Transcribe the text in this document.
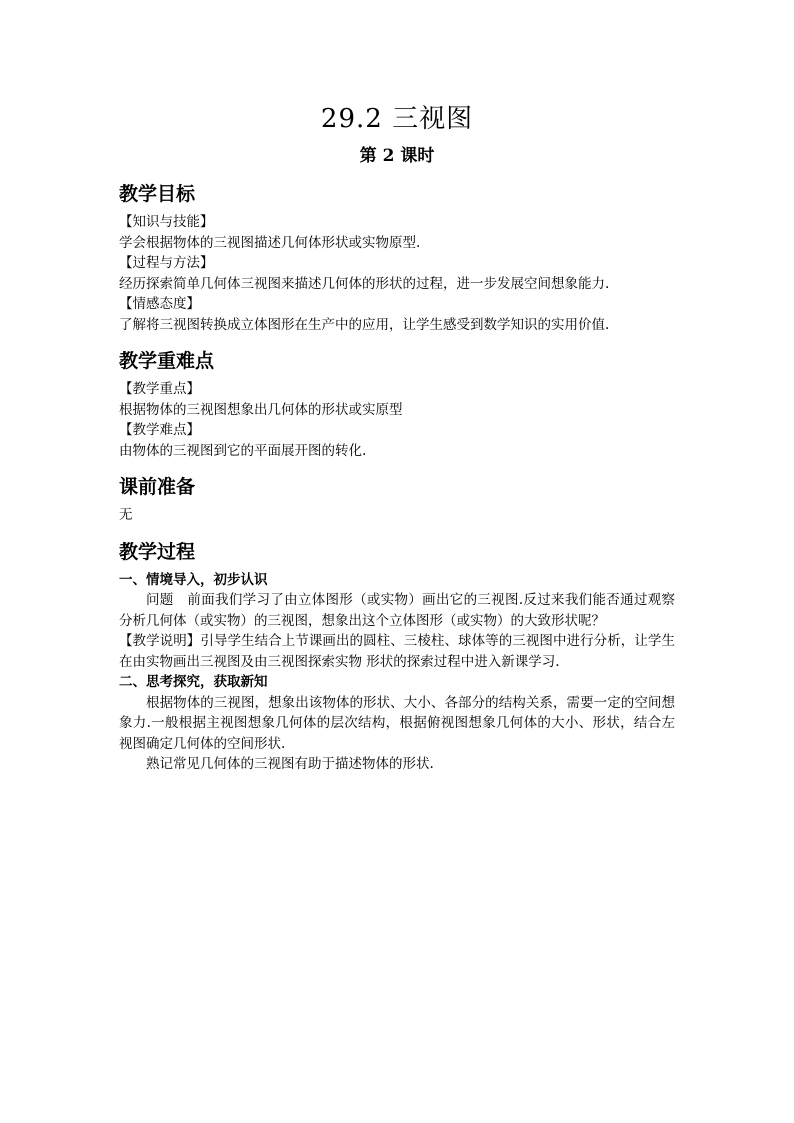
29.2 三视图
第 2 课时
教学目标
【知识与技能】
学会根据物体的三视图描述几何体形状或实物原型.
【过程与方法】
经历探索简单几何体三视图来描述几何体的形状的过程，进一步发展空间想象能力.
【情感态度】
了解将三视图转换成立体图形在生产中的应用，让学生感受到数学知识的实用价值.
教学重难点
【教学重点】
根据物体的三视图想象出几何体的形状或实原型
【教学难点】
由物体的三视图到它的平面展开图的转化.
课前准备
无
教学过程
一、情境导入，初步认识
问题　前面我们学习了由立体图形（或实物）画出它的三视图.反过来我们能否通过观察分析几何体（或实物）的三视图，想象出这个立体图形（或实物）的大致形状呢？
【教学说明】引导学生结合上节课画出的圆柱、三棱柱、球体等的三视图中进行分析，让学生在由实物画出三视图及由三视图探索实物 形状的探索过程中进入新课学习.
二、思考探究，获取新知
根据物体的三视图，想象出该物体的形状、大小、各部分的结构关系，需要一定的空间想象力.一般根据主视图想象几何体的层次结构，根据俯视图想象几何体的大小、形状，结合左视图确定几何体的空间形状.
熟记常见几何体的三视图有助于描述物体的形状.
